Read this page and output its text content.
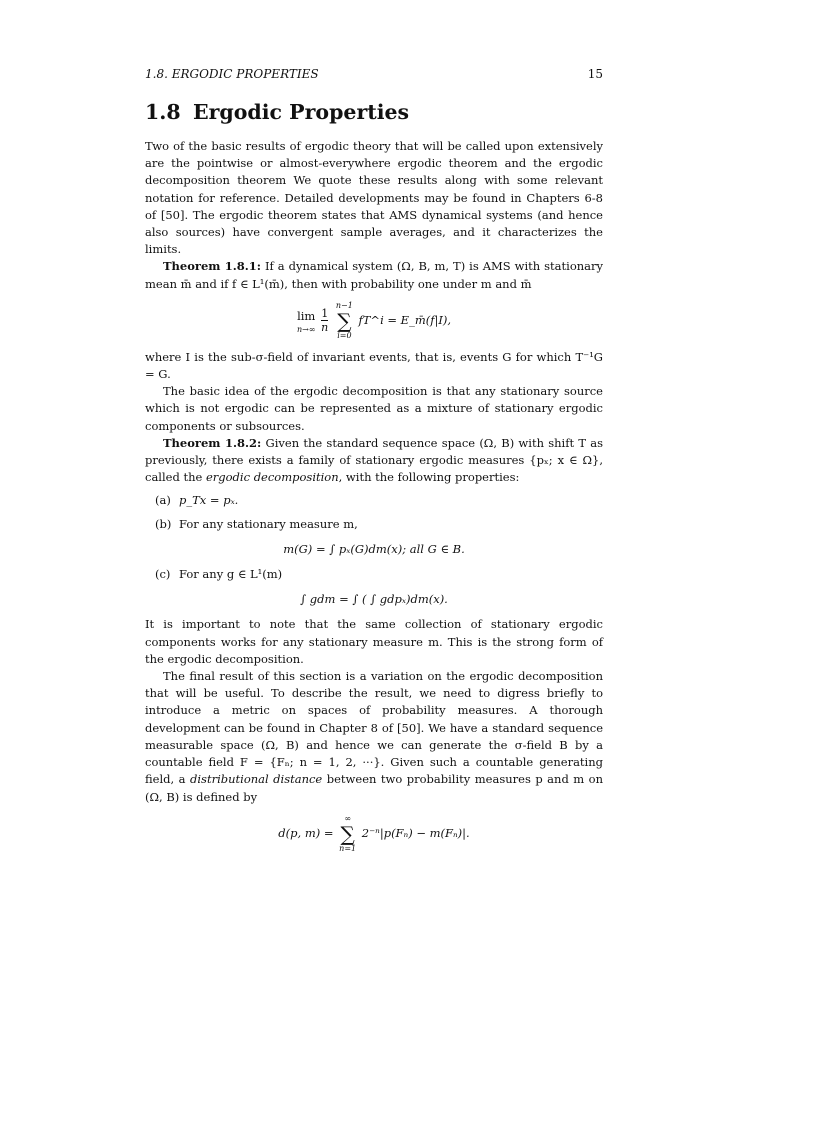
1.8. ERGODIC PROPERTIES	15
1.8 Ergodic Properties

Two of the basic results of ergodic theory that will be called upon extensively are the pointwise or almost-everywhere ergodic theorem and the ergodic decomposition theorem We quote these results along with some relevant notation for reference. Detailed developments may be found in Chapters 6-8 of [50]. The ergodic theorem states that AMS dynamical systems (and hence also sources) have convergent sample averages, and it characterizes the limits.

Theorem 1.8.1: If a dynamical system (Ω, B, m, T) is AMS with stationary mean m̄ and if f ∈ L¹(m̄), then with probability one under m and m̄

lim
n→∞
$\frac{1}{n}$

n−1
∑
i=0
fT^i = E_m̄(f|I),

where I is the sub-σ-field of invariant events, that is, events G for which T⁻¹G = G.

The basic idea of the ergodic decomposition is that any stationary source which is not ergodic can be represented as a mixture of stationary ergodic components or subsources.

Theorem 1.8.2: Given the standard sequence space (Ω, B) with shift T as previously, there exists a family of stationary ergodic measures {pₓ; x ∈ Ω}, called the ergodic decomposition, with the following properties:

(a) p_Tx = pₓ.
(b) For any stationary measure m,
m(G) = ∫ pₓ(G)dm(x); all G ∈ B.
(c) For any g ∈ L¹(m)
∫ gdm = ∫ ( ∫ gdpₓ)dm(x).

It is important to note that the same collection of stationary ergodic components works for any stationary measure m. This is the strong form of the ergodic decomposition.

The final result of this section is a variation on the ergodic decomposition that will be useful. To describe the result, we need to digress briefly to introduce a metric on spaces of probability measures. A thorough development can be found in Chapter 8 of [50]. We have a standard sequence measurable space (Ω, B) and hence we can generate the σ-field B by a countable field F = {Fₙ; n = 1, 2, ···}. Given such a countable generating field, a distributional distance between two probability measures p and m on (Ω, B) is defined by

d(p, m) =
∞
∑
n=1
2⁻ⁿ|p(Fₙ) − m(Fₙ)|.
